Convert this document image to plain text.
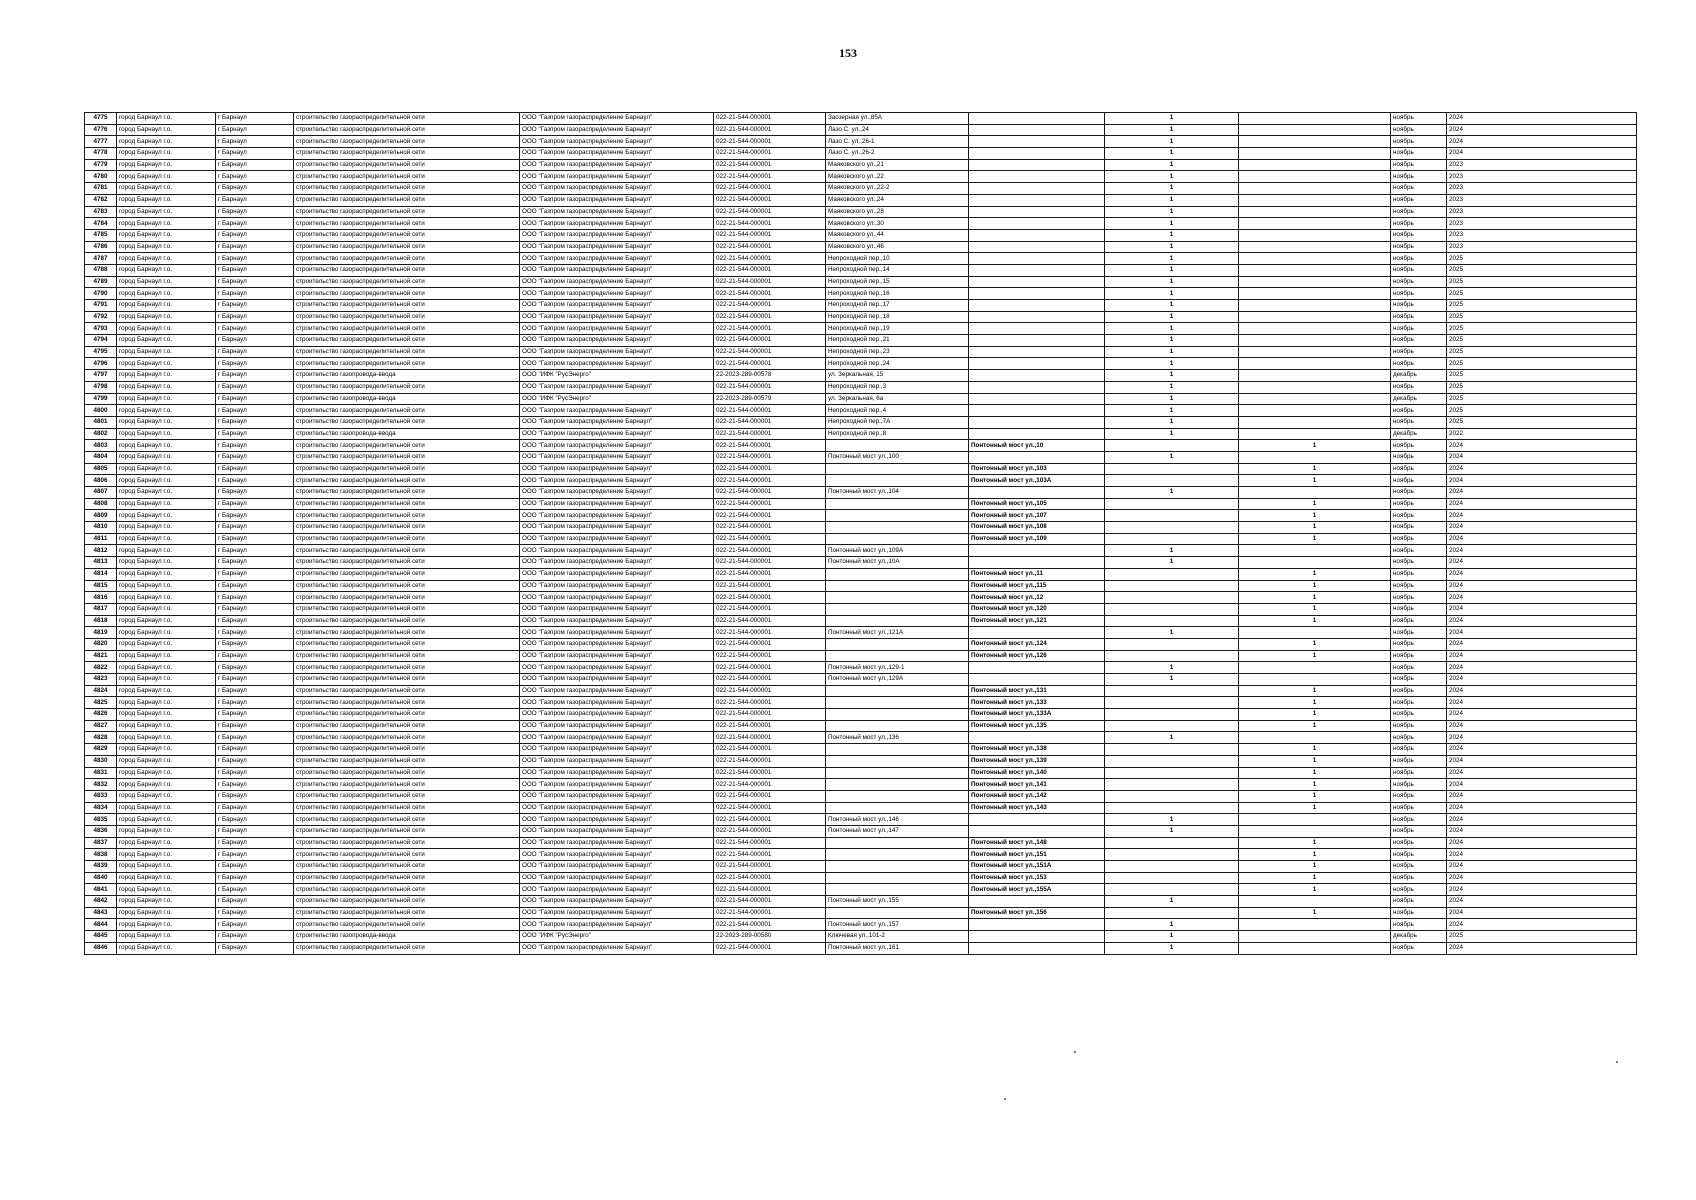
153
4775	город Барнаул г.о.	г Барнаул	строительство газораспределительной сети	ООО "Газпром газораспределение Барнаул"	022-21-544-000001	Заозерная ул.,85А		1		ноябрь	2024
4776	город Барнаул г.о.	г Барнаул	строительство газораспределительной сети	ООО "Газпром газораспределение Барнаул"	022-21-544-000001	Лазо С. ул.,24		1		ноябрь	2024
4777	город Барнаул г.о.	г Барнаул	строительство газораспределительной сети	ООО "Газпром газораспределение Барнаул"	022-21-544-000001	Лазо С. ул.,26-1		1		ноябрь	2024
4778	город Барнаул г.о.	г Барнаул	строительство газораспределительной сети	ООО "Газпром газораспределение Барнаул"	022-21-544-000001	Лазо С. ул.,26-2		1		ноябрь	2024
4779	город Барнаул г.о.	г Барнаул	строительство газораспределительной сети	ООО "Газпром газораспределение Барнаул"	022-21-544-000001	Маяковского ул.,21		1		ноябрь	2023
4780	город Барнаул г.о.	г Барнаул	строительство газораспределительной сети	ООО "Газпром газораспределение Барнаул"	022-21-544-000001	Маяковского ул.,22		1		ноябрь	2023
4781	город Барнаул г.о.	г Барнаул	строительство газораспределительной сети	ООО "Газпром газораспределение Барнаул"	022-21-544-000001	Маяковского ул.,22-2		1		ноябрь	2023
4782	город Барнаул г.о.	г Барнаул	строительство газораспределительной сети	ООО "Газпром газораспределение Барнаул"	022-21-544-000001	Маяковского ул.,24		1		ноябрь	2023
4783	город Барнаул г.о.	г Барнаул	строительство газораспределительной сети	ООО "Газпром газораспределение Барнаул"	022-21-544-000001	Маяковского ул.,28		1		ноябрь	2023
4784	город Барнаул г.о.	г Барнаул	строительство газораспределительной сети	ООО "Газпром газораспределение Барнаул"	022-21-544-000001	Маяковского ул.,30		1		ноябрь	2023
4785	город Барнаул г.о.	г Барнаул	строительство газораспределительной сети	ООО "Газпром газораспределение Барнаул"	022-21-544-000001	Маяковского ул.,44		1		ноябрь	2023
4786	город Барнаул г.о.	г Барнаул	строительство газораспределительной сети	ООО "Газпром газораспределение Барнаул"	022-21-544-000001	Маяковского ул.,46		1		ноябрь	2023
4787	город Барнаул г.о.	г Барнаул	строительство газораспределительной сети	ООО "Газпром газораспределение Барнаул"	022-21-544-000001	Непроходной пер.,10		1		ноябрь	2025
4788	город Барнаул г.о.	г Барнаул	строительство газораспределительной сети	ООО "Газпром газораспределение Барнаул"	022-21-544-000001	Непроходной пер.,14		1		ноябрь	2025
4789	город Барнаул г.о.	г Барнаул	строительство газораспределительной сети	ООО "Газпром газораспределение Барнаул"	022-21-544-000001	Непроходной пер.,15		1		ноябрь	2025
4790	город Барнаул г.о.	г Барнаул	строительство газораспределительной сети	ООО "Газпром газораспределение Барнаул"	022-21-544-000001	Непроходной пер.,16		1		ноябрь	2025
4791	город Барнаул г.о.	г Барнаул	строительство газораспределительной сети	ООО "Газпром газораспределение Барнаул"	022-21-544-000001	Непроходной пер.,17		1		ноябрь	2025
4792	город Барнаул г.о.	г Барнаул	строительство газораспределительной сети	ООО "Газпром газораспределение Барнаул"	022-21-544-000001	Непроходной пер.,18		1		ноябрь	2025
4793	город Барнаул г.о.	г Барнаул	строительство газораспределительной сети	ООО "Газпром газораспределение Барнаул"	022-21-544-000001	Непроходной пер.,19		1		ноябрь	2025
4794	город Барнаул г.о.	г Барнаул	строительство газораспределительной сети	ООО "Газпром газораспределение Барнаул"	022-21-544-000001	Непроходной пер.,21		1		ноябрь	2025
4795	город Барнаул г.о.	г Барнаул	строительство газораспределительной сети	ООО "Газпром газораспределение Барнаул"	022-21-544-000001	Непроходной пер.,23		1		ноябрь	2025
4796	город Барнаул г.о.	г Барнаул	строительство газораспределительной сети	ООО "Газпром газораспределение Барнаул"	022-21-544-000001	Непроходной пер.,24		1		ноябрь	2025
4797	город Барнаул г.о.	г Барнаул	строительство газопровода-ввода	ООО "ИФК "РусЭнерго"	22-2023-289-00578	ул. Зеркальная, 15		1		декабрь	2025
4798	город Барнаул г.о.	г Барнаул	строительство газораспределительной сети	ООО "Газпром газораспределение Барнаул"	022-21-544-000001	Непроходной пер.,3		1		ноябрь	2025
4799	город Барнаул г.о.	г Барнаул	строительство газопровода-ввода	ООО "ИФК "РусЭнерго"	22-2023-289-00579	ул. Зеркальная, 6а		1		декабрь	2025
4800	город Барнаул г.о.	г Барнаул	строительство газораспределительной сети	ООО "Газпром газораспределение Барнаул"	022-21-544-000001	Непроходной пер.,4		1		ноябрь	2025
4801	город Барнаул г.о.	г Барнаул	строительство газораспределительной сети	ООО "Газпром газораспределение Барнаул"	022-21-544-000001	Непроходной пер.,7А		1		ноябрь	2025
4802	город Барнаул г.о.	г Барнаул	строительство газопровода-ввода	ООО "Газпром газораспределение Барнаул"	022-21-544-000001	Непроходной пер.,8		1		декабрь	2022
4803	город Барнаул г.о.	г Барнаул	строительство газораспределительной сети	ООО "Газпром газораспределение Барнаул"	022-21-544-000001		Понтонный мост ул.,10		1	ноябрь	2024
4804	город Барнаул г.о.	г Барнаул	строительство газораспределительной сети	ООО "Газпром газораспределение Барнаул"	022-21-544-000001	Понтонный мост ул.,100		1		ноябрь	2024
4805	город Барнаул г.о.	г Барнаул	строительство газораспределительной сети	ООО "Газпром газораспределение Барнаул"	022-21-544-000001		Понтонный мост ул.,103		1	ноябрь	2024
4806	город Барнаул г.о.	г Барнаул	строительство газораспределительной сети	ООО "Газпром газораспределение Барнаул"	022-21-544-000001		Понтонный мост ул.,103А		1	ноябрь	2024
4807	город Барнаул г.о.	г Барнаул	строительство газораспределительной сети	ООО "Газпром газораспределение Барнаул"	022-21-544-000001	Понтонный мост ул.,104		1		ноябрь	2024
4808	город Барнаул г.о.	г Барнаул	строительство газораспределительной сети	ООО "Газпром газораспределение Барнаул"	022-21-544-000001		Понтонный мост ул.,105		1	ноябрь	2024
4809	город Барнаул г.о.	г Барнаул	строительство газораспределительной сети	ООО "Газпром газораспределение Барнаул"	022-21-544-000001		Понтонный мост ул.,107		1	ноябрь	2024
4810	город Барнаул г.о.	г Барнаул	строительство газораспределительной сети	ООО "Газпром газораспределение Барнаул"	022-21-544-000001		Понтонный мост ул.,108		1	ноябрь	2024
4811	город Барнаул г.о.	г Барнаул	строительство газораспределительной сети	ООО "Газпром газораспределение Барнаул"	022-21-544-000001		Понтонный мост ул.,109		1	ноябрь	2024
4812	город Барнаул г.о.	г Барнаул	строительство газораспределительной сети	ООО "Газпром газораспределение Барнаул"	022-21-544-000001	Понтонный мост ул.,109А		1		ноябрь	2024
4813	город Барнаул г.о.	г Барнаул	строительство газораспределительной сети	ООО "Газпром газораспределение Барнаул"	022-21-544-000001	Понтонный мост ул.,10А		1		ноябрь	2024
4814	город Барнаул г.о.	г Барнаул	строительство газораспределительной сети	ООО "Газпром газораспределение Барнаул"	022-21-544-000001		Понтонный мост ул.,11		1	ноябрь	2024
4815	город Барнаул г.о.	г Барнаул	строительство газораспределительной сети	ООО "Газпром газораспределение Барнаул"	022-21-544-000001		Понтонный мост ул.,115		1	ноябрь	2024
4816	город Барнаул г.о.	г Барнаул	строительство газораспределительной сети	ООО "Газпром газораспределение Барнаул"	022-21-544-000001		Понтонный мост ул.,12		1	ноябрь	2024
4817	город Барнаул г.о.	г Барнаул	строительство газораспределительной сети	ООО "Газпром газораспределение Барнаул"	022-21-544-000001		Понтонный мост ул.,120		1	ноябрь	2024
4818	город Барнаул г.о.	г Барнаул	строительство газораспределительной сети	ООО "Газпром газораспределение Барнаул"	022-21-544-000001		Понтонный мост ул.,121		1	ноябрь	2024
4819	город Барнаул г.о.	г Барнаул	строительство газораспределительной сети	ООО "Газпром газораспределение Барнаул"	022-21-544-000001	Понтонный мост ул.,121А		1		ноябрь	2024
4820	город Барнаул г.о.	г Барнаул	строительство газораспределительной сети	ООО "Газпром газораспределение Барнаул"	022-21-544-000001		Понтонный мост ул.,124		1	ноябрь	2024
4821	город Барнаул г.о.	г Барнаул	строительство газораспределительной сети	ООО "Газпром газораспределение Барнаул"	022-21-544-000001		Понтонный мост ул.,126		1	ноябрь	2024
4822	город Барнаул г.о.	г Барнаул	строительство газораспределительной сети	ООО "Газпром газораспределение Барнаул"	022-21-544-000001	Понтонный мост ул.,129-1		1		ноябрь	2024
4823	город Барнаул г.о.	г Барнаул	строительство газораспределительной сети	ООО "Газпром газораспределение Барнаул"	022-21-544-000001	Понтонный мост ул.,129А		1		ноябрь	2024
4824	город Барнаул г.о.	г Барнаул	строительство газораспределительной сети	ООО "Газпром газораспределение Барнаул"	022-21-544-000001		Понтонный мост ул.,131		1	ноябрь	2024
4825	город Барнаул г.о.	г Барнаул	строительство газораспределительной сети	ООО "Газпром газораспределение Барнаул"	022-21-544-000001		Понтонный мост ул.,133		1	ноябрь	2024
4826	город Барнаул г.о.	г Барнаул	строительство газораспределительной сети	ООО "Газпром газораспределение Барнаул"	022-21-544-000001		Понтонный мост ул.,133А		1	ноябрь	2024
4827	город Барнаул г.о.	г Барнаул	строительство газораспределительной сети	ООО "Газпром газораспределение Барнаул"	022-21-544-000001		Понтонный мост ул.,135		1	ноябрь	2024
4828	город Барнаул г.о.	г Барнаул	строительство газораспределительной сети	ООО "Газпром газораспределение Барнаул"	022-21-544-000001	Понтонный мост ул.,136		1		ноябрь	2024
4829	город Барнаул г.о.	г Барнаул	строительство газораспределительной сети	ООО "Газпром газораспределение Барнаул"	022-21-544-000001		Понтонный мост ул.,138		1	ноябрь	2024
4830	город Барнаул г.о.	г Барнаул	строительство газораспределительной сети	ООО "Газпром газораспределение Барнаул"	022-21-544-000001		Понтонный мост ул.,139		1	ноябрь	2024
4831	город Барнаул г.о.	г Барнаул	строительство газораспределительной сети	ООО "Газпром газораспределение Барнаул"	022-21-544-000001		Понтонный мост ул.,140		1	ноябрь	2024
4832	город Барнаул г.о.	г Барнаул	строительство газораспределительной сети	ООО "Газпром газораспределение Барнаул"	022-21-544-000001		Понтонный мост ул.,141		1	ноябрь	2024
4833	город Барнаул г.о.	г Барнаул	строительство газораспределительной сети	ООО "Газпром газораспределение Барнаул"	022-21-544-000001		Понтонный мост ул.,142		1	ноябрь	2024
4834	город Барнаул г.о.	г Барнаул	строительство газораспределительной сети	ООО "Газпром газораспределение Барнаул"	022-21-544-000001		Понтонный мост ул.,143		1	ноябрь	2024
4835	город Барнаул г.о.	г Барнаул	строительство газораспределительной сети	ООО "Газпром газораспределение Барнаул"	022-21-544-000001	Понтонный мост ул.,146		1		ноябрь	2024
4836	город Барнаул г.о.	г Барнаул	строительство газораспределительной сети	ООО "Газпром газораспределение Барнаул"	022-21-544-000001	Понтонный мост ул.,147		1		ноябрь	2024
4837	город Барнаул г.о.	г Барнаул	строительство газораспределительной сети	ООО "Газпром газораспределение Барнаул"	022-21-544-000001		Понтонный мост ул.,148		1	ноябрь	2024
4838	город Барнаул г.о.	г Барнаул	строительство газораспределительной сети	ООО "Газпром газораспределение Барнаул"	022-21-544-000001		Понтонный мост ул.,151		1	ноябрь	2024
4839	город Барнаул г.о.	г Барнаул	строительство газораспределительной сети	ООО "Газпром газораспределение Барнаул"	022-21-544-000001		Понтонный мост ул.,151А		1	ноябрь	2024
4840	город Барнаул г.о.	г Барнаул	строительство газораспределительной сети	ООО "Газпром газораспределение Барнаул"	022-21-544-000001		Понтонный мост ул.,153		1	ноябрь	2024
4841	город Барнаул г.о.	г Барнаул	строительство газораспределительной сети	ООО "Газпром газораспределение Барнаул"	022-21-544-000001		Понтонный мост ул.,155А		1	ноябрь	2024
4842	город Барнаул г.о.	г Барнаул	строительство газораспределительной сети	ООО "Газпром газораспределение Барнаул"	022-21-544-000001	Понтонный мост ул.,155		1		ноябрь	2024
4843	город Барнаул г.о.	г Барнаул	строительство газораспределительной сети	ООО "Газпром газораспределение Барнаул"	022-21-544-000001		Понтонный мост ул.,156		1	ноябрь	2024
4844	город Барнаул г.о.	г Барнаул	строительство газораспределительной сети	ООО "Газпром газораспределение Барнаул"	022-21-544-000001	Понтонный мост ул.,157		1		ноябрь	2024
4845	город Барнаул г.о.	г Барнаул	строительство газопровода-ввода	ООО "ИФК "РусЭнерго"	22-2023-289-00580	Ключевая ул.,101-2		1		декабрь	2025
4846	город Барнаул г.о.	г Барнаул	строительство газораспределительной сети	ООО "Газпром газораспределение Барнаул"	022-21-544-000001	Понтонный мост ул.,161		1		ноябрь	2024
